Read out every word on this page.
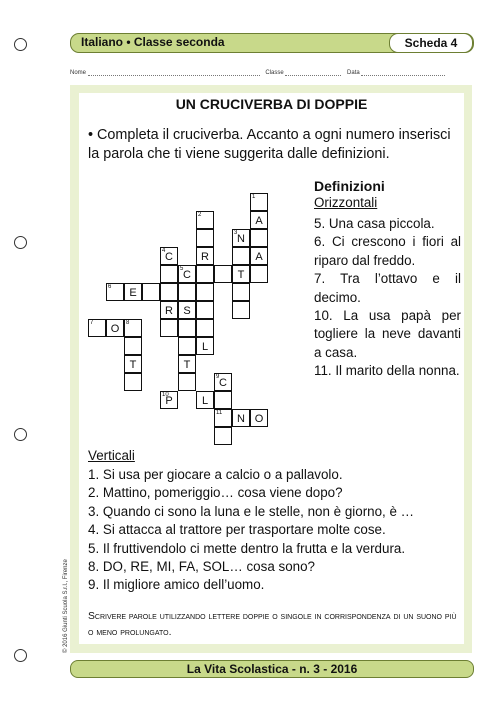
Italiano • Classe seconda	Scheda 4
Nome	Classe	Data
UN CRUCIVERBA DI DOPPIE
• Completa il cruciverba. Accanto a ogni numero inserisci la parola che ti viene suggerita dalle definizioni.
1
A
A
2
R
L
3 N
T
4 C
R
5 C
S
T
6	E
7	O	8
T
9 C
10
P
11	N O
L
Definizioni
Orizzontali

5. Una casa piccola.

6. Ci crescono i fiori al riparo dal freddo.

7. Tra l’ottavo e il decimo.

10. La usa papà per togliere la neve davanti a casa.

11. Il marito della nonna.

Verticali

1. Si usa per giocare a calcio o a pallavolo.

2. Mattino, pomeriggio… cosa viene dopo?

3. Quando ci sono la luna e le stelle, non è giorno, è …

4. Si attacca al trattore per trasportare molte cose.

5. Il fruttivendolo ci mette dentro la frutta e la verdura.

8. DO, RE, MI, FA, SOL… cosa sono?

9. Il migliore amico dell’uomo.

Scrivere parole utilizzando lettere doppie o singole in corrispondenza di un suono più o meno prolungato.
© 2016 Giunti Scuola S.r.l., Firenze
La Vita Scolastica - n. 3 - 2016
